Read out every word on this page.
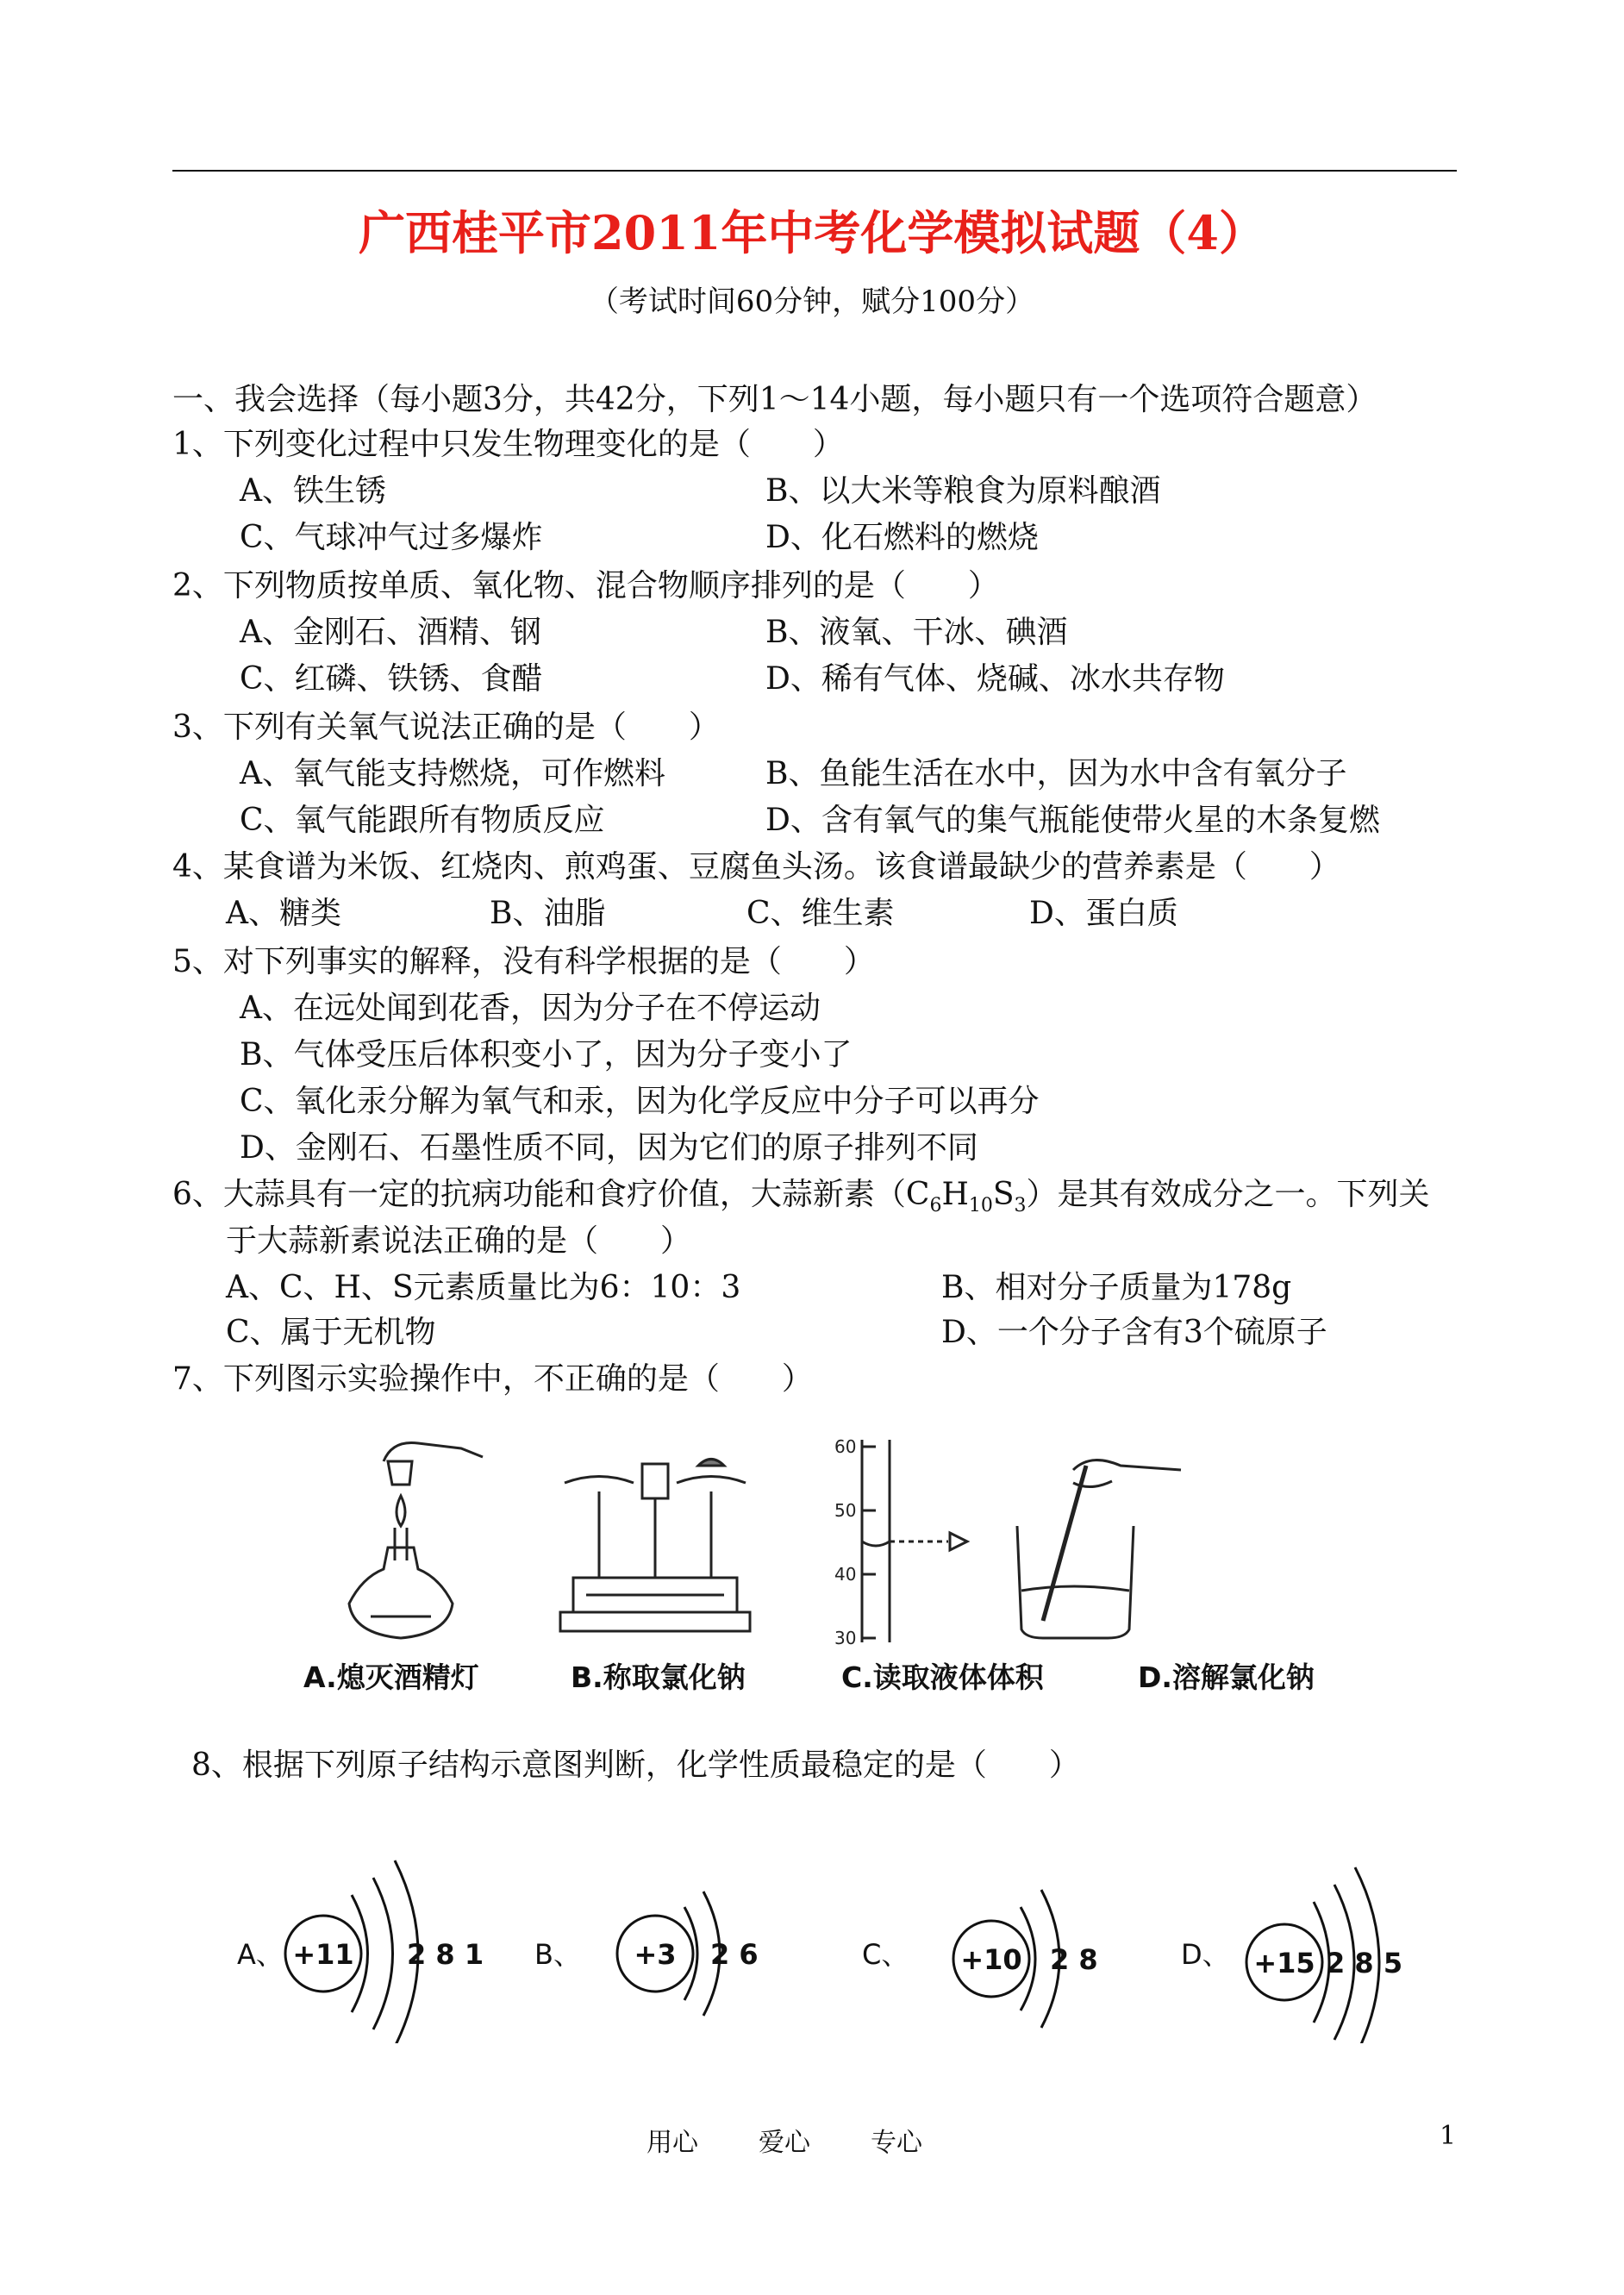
广西桂平市2011年中考化学模拟试题（4）
（考试时间60分钟，赋分100分）
一、我会选择（每小题3分，共42分，下列1～14小题，每小题只有一个选项符合题意）
1、下列变化过程中只发生物理变化的是（　　）
A、铁生锈	B、以大米等粮食为原料酿酒
C、气球冲气过多爆炸	D、化石燃料的燃烧
2、下列物质按单质、氧化物、混合物顺序排列的是（　　）
A、金刚石、酒精、钢	B、液氧、干冰、碘酒
C、红磷、铁锈、食醋	D、稀有气体、烧碱、冰水共存物
3、下列有关氧气说法正确的是（　　）
A、氧气能支持燃烧，可作燃料	B、鱼能生活在水中，因为水中含有氧分子
C、氧气能跟所有物质反应	D、含有氧气的集气瓶能使带火星的木条复燃
4、某食谱为米饭、红烧肉、煎鸡蛋、豆腐鱼头汤。该食谱最缺少的营养素是（　　）
A、糖类	B、油脂	C、维生素	D、蛋白质
5、对下列事实的解释，没有科学根据的是（　　）
A、在远处闻到花香，因为分子在不停运动
B、气体受压后体积变小了，因为分子变小了
C、氧化汞分解为氧气和汞，因为化学反应中分子可以再分
D、金刚石、石墨性质不同，因为它们的原子排列不同
6、大蒜具有一定的抗病功能和食疗价值，大蒜新素$(C_6H_{10}S_3)$是其有效成分之一。下列关
于大蒜新素说法正确的是（　　）
A、C、H、S元素质量比为6：10：3	B、相对分子质量为178g
C、属于无机物	D、一个分子含有3个硫原子
7、下列图示实验操作中，不正确的是（　　）
60
50
40
30
A.熄灭酒精灯	B.称取氯化钠	C.读取液体体积	D.溶解氯化钠
8、根据下列原子结构示意图判断，化学性质最稳定的是（　　）
A、 +11 2 8 1 B、 +3 2 6	C、 +10 2 8	D、 +15 2 8 5
用心 爱心 专心	1
